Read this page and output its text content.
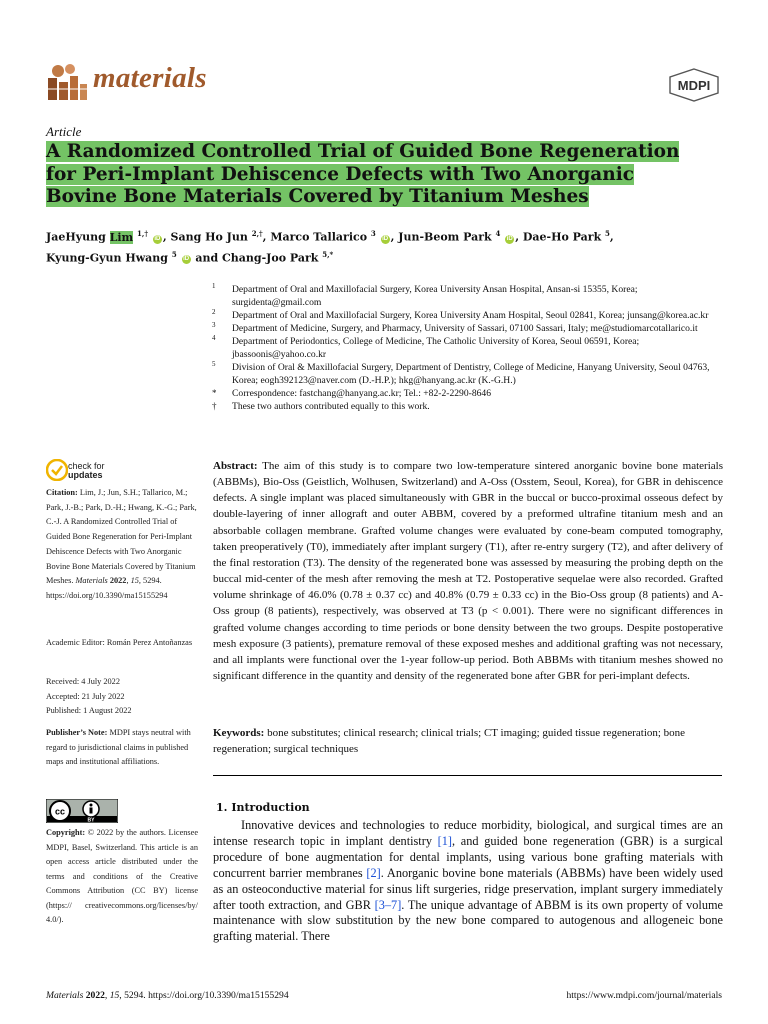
materials	MDPI
Article
A Randomized Controlled Trial of Guided Bone Regeneration
for Peri-Implant Dehiscence Defects with Two Anorganic
Bovine Bone Materials Covered by Titanium Meshes
JaeHyung Lim $^{1,\dagger}$ iD , Sang Ho Jun $^{2,\dagger}$, Marco Tallarico $^3$ iD , Jun-Beom Park $^4$ iD , Dae-Ho Park $^5$,
Kyung-Gyun Hwang $^5$ iD and Chang-Joo Park $^{5,*}$
1 Department of Oral and Maxillofacial Surgery, Korea University Ansan Hospital, Ansan-si 15355, Korea; surgidenta@gmail.com
2 Department of Oral and Maxillofacial Surgery, Korea University Anam Hospital, Seoul 02841, Korea; junsang@korea.ac.kr
3 Department of Medicine, Surgery, and Pharmacy, University of Sassari, 07100 Sassari, Italy; me@studiomarcotallarico.it
4 Department of Periodontics, College of Medicine, The Catholic University of Korea, Seoul 06591, Korea; jbassoonis@yahoo.co.kr
5 Division of Oral & Maxillofacial Surgery, Department of Dentistry, College of Medicine, Hanyang University, Seoul 04763, Korea; eogh392123@naver.com (D.-H.P.); hkg@hanyang.ac.kr (K.-G.H.)
* Correspondence: fastchang@hanyang.ac.kr; Tel.: +82-2-2290-8646
† These two authors contributed equally to this work.
check for
updates
Citation: Lim, J.; Jun, S.H.; Tallarico, M.; Park, J.-B.; Park, D.-H.; Hwang, K.-G.; Park, C.-J. A Randomized Controlled Trial of Guided Bone Regeneration for Peri-Implant Dehiscence Defects with Two Anorganic Bovine Bone Materials Covered by Titanium Meshes. Materials 2022, 15, 5294. https://doi.org/10.3390/ma15155294
Academic Editor: Román Perez Antoñanzas
Received: 4 July 2022
Accepted: 21 July 2022
Published: 1 August 2022
Publisher’s Note: MDPI stays neutral with regard to jurisdictional claims in published maps and institutional affiliations.
cc
BY
Copyright: © 2022 by the authors. Licensee MDPI, Basel, Switzerland. This article is an open access article distributed under the terms and conditions of the Creative Commons Attribution (CC BY) license (https:// creativecommons.org/licenses/by/ 4.0/).
Abstract: The aim of this study is to compare two low-temperature sintered anorganic bovine bone materials (ABBMs), Bio-Oss (Geistlich, Wolhusen, Switzerland) and A-Oss (Osstem, Seoul, Korea), for GBR in dehiscence defects. A single implant was placed simultaneously with GBR in the buccal or bucco-proximal osseous defect by double-layering of inner allograft and outer ABBM, covered by a preformed ultrafine titanium mesh and an absorbable collagen membrane. Grafted volume changes were evaluated by cone-beam computed tomography, taken preoperatively (T0), immediately after implant surgery (T1), after re-entry surgery (T2), and after delivery of the final restoration (T3). The density of the regenerated bone was assessed by measuring the probing depth on the buccal mid-center of the mesh after removing the mesh at T2. Postoperative sequelae were also recorded. Grafted volume shrinkage of 46.0% (0.78 ± 0.37 cc) and 40.8% (0.79 ± 0.33 cc) in the Bio-Oss group (8 patients) and A-Oss group (8 patients), respectively, was observed at T3 (p < 0.001). There were no significant differences in grafted volume changes according to time periods or bone density between the two groups. Despite postoperative mesh exposure (3 patients), premature removal of these exposed meshes and additional grafting was not necessary, and all implants were functional over the 1-year follow-up period. Both ABBMs with titanium meshes showed no significant difference in the quantity and density of the regenerated bone after GBR for peri-implant defects.
Keywords: bone substitutes; clinical research; clinical trials; CT imaging; guided tissue regeneration; bone regeneration; surgical techniques
1. Introduction
Innovative devices and technologies to reduce morbidity, biological, and surgical times are an intense research topic in implant dentistry [1], and guided bone regeneration (GBR) is a surgical procedure of bone augmentation for dental implants, using various bone grafting materials with concurrent barrier membranes [2]. Anorganic bovine bone materials (ABBMs) have been widely used as an osteoconductive material for sinus lift surgeries, ridge preservation, implant surgery immediately after tooth extraction, and GBR [3–7]. The unique advantage of ABBM is its own property of volume maintenance with slow substitution by the new bone compared to autogenous and allogeneic bone grafting material. There
Materials 2022, 15, 5294. https://doi.org/10.3390/ma15155294	https://www.mdpi.com/journal/materials
